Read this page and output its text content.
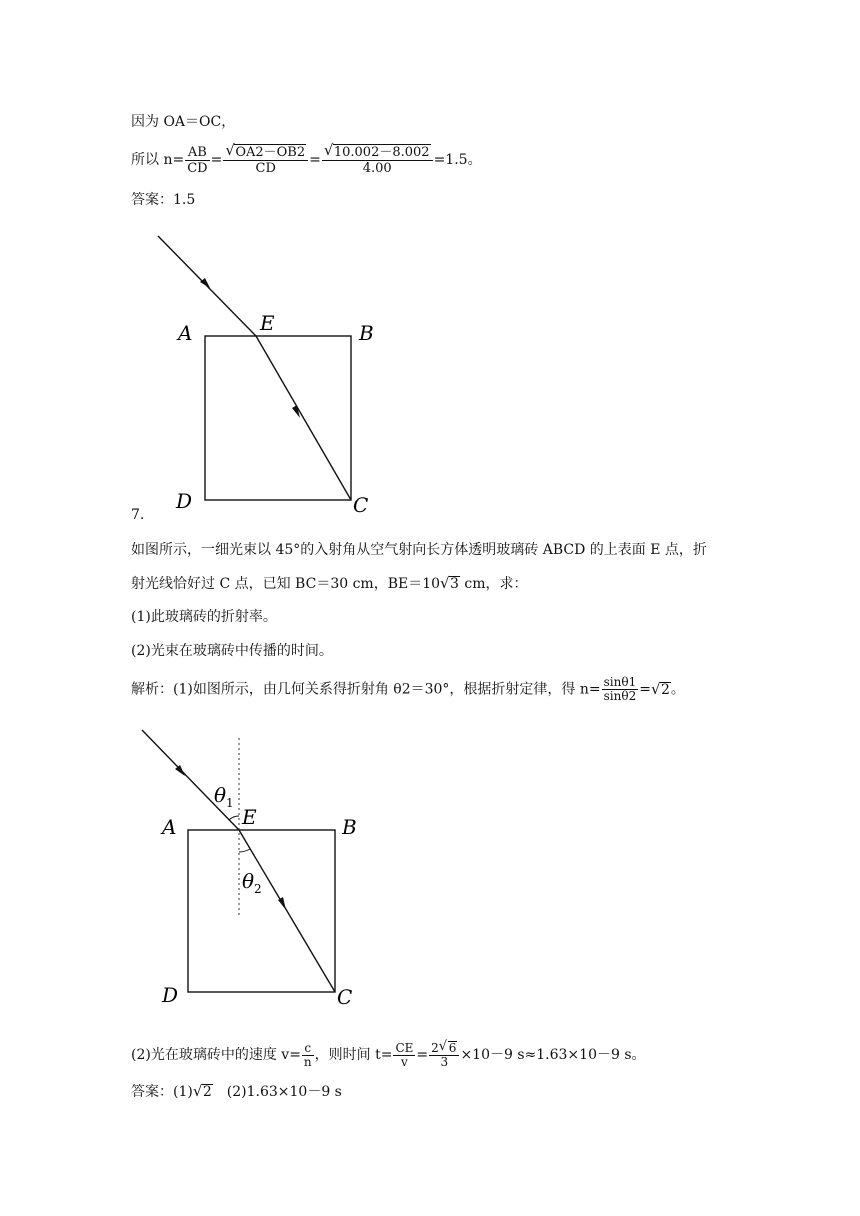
因为 OA＝OC，
所以 $n= \frac{AB}{CD} = \frac{√ OA2-OB2}{CD} = \frac{√ 10.002-8.002}{4.00} =1.5$。
答案：1.5
A	E	B
D	C
7.
如图所示，一细光束以 45°的入射角从空气射向长方体透明玻璃砖 ABCD 的上表面 E 点，折
射光线恰好过 C 点，已知 BC＝30 cm，BE＝10 √ 3 cm，求：
(1)此玻璃砖的折射率。
(2)光束在玻璃砖中传播的时间。
解析：(1)如图所示，由几何关系得折射角 θ2＝30°，根据折射定律，得 $n= \frac{\sin\theta 1}{\sin\theta 2}$ = √ 2。
$\theta_1$
$\theta_2$
A	E	B
D	C
(2)光在玻璃砖中的速度 $v= \frac{c}{n}$ ，则时间 $t= \frac{CE}{v} = \frac{2 √ 6}{3} \times 10-9$ s≈1.63×10－9 s。
答案：(1) √ 2　(2)1.63×10－9 s
